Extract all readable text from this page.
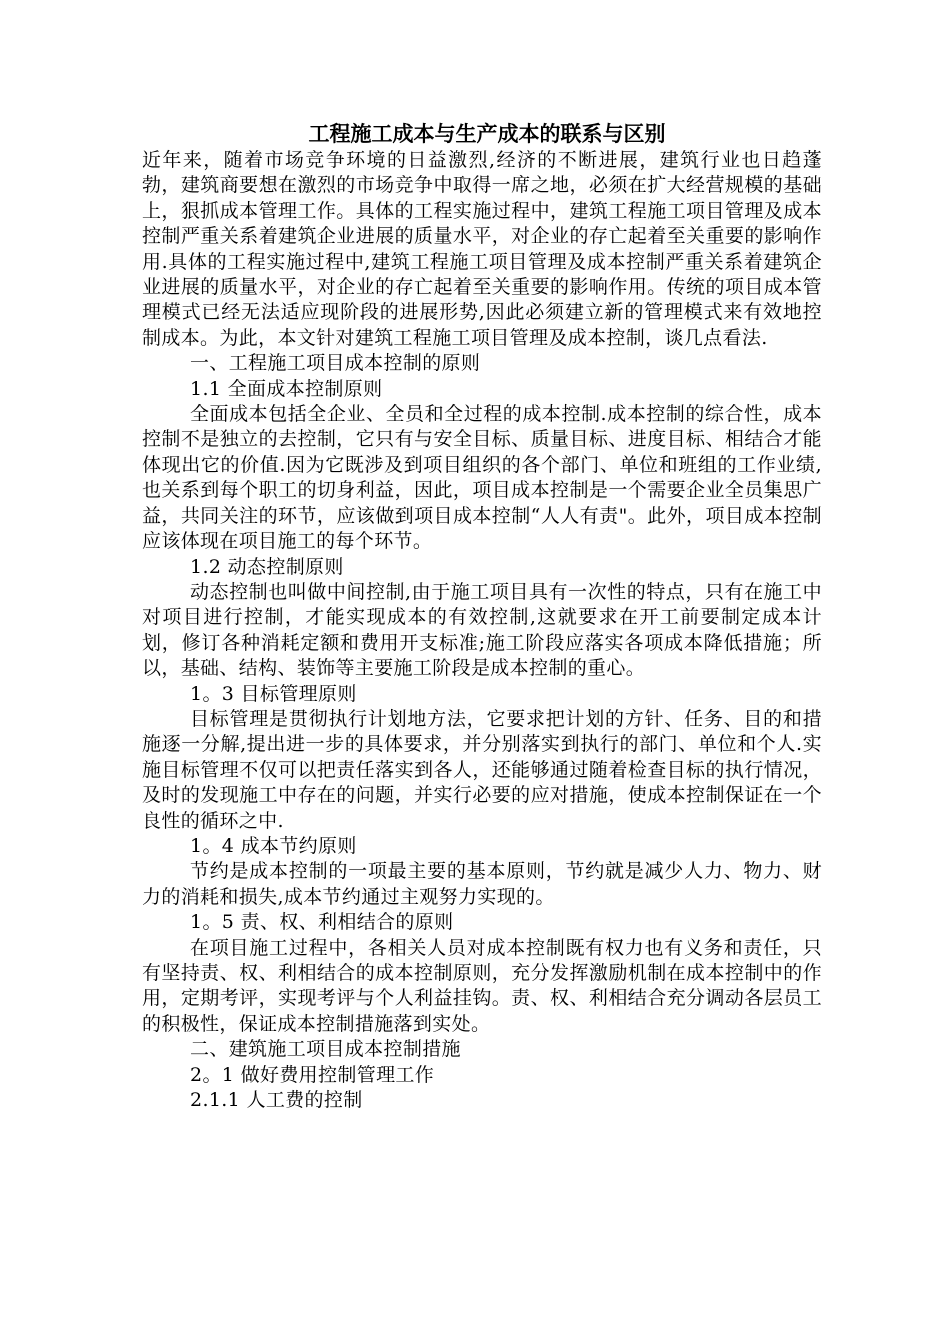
工程施工成本与生产成本的联系与区别

近年来，随着市场竞争环境的日益激烈,经济的不断进展，建筑行业也日趋蓬勃，建筑商要想在激烈的市场竞争中取得一席之地，必须在扩大经营规模的基础上，狠抓成本管理工作。具体的工程实施过程中，建筑工程施工项目管理及成本控制严重关系着建筑企业进展的质量水平，对企业的存亡起着至关重要的影响作用.具体的工程实施过程中,建筑工程施工项目管理及成本控制严重关系着建筑企业进展的质量水平，对企业的存亡起着至关重要的影响作用。传统的项目成本管理模式已经无法适应现阶段的进展形势,因此必须建立新的管理模式来有效地控制成本。为此，本文针对建筑工程施工项目管理及成本控制，谈几点看法.

一、工程施工项目成本控制的原则

1.1 全面成本控制原则

全面成本包括全企业、全员和全过程的成本控制.成本控制的综合性，成本控制不是独立的去控制，它只有与安全目标、质量目标、进度目标、相结合才能体现出它的价值.因为它既涉及到项目组织的各个部门、单位和班组的工作业绩,也关系到每个职工的切身利益，因此，项目成本控制是一个需要企业全员集思广益，共同关注的环节，应该做到项目成本控制“人人有责"。此外，项目成本控制应该体现在项目施工的每个环节。

1.2 动态控制原则

动态控制也叫做中间控制,由于施工项目具有一次性的特点，只有在施工中对项目进行控制，才能实现成本的有效控制,这就要求在开工前要制定成本计划，修订各种消耗定额和费用开支标准;施工阶段应落实各项成本降低措施；所以，基础、结构、装饰等主要施工阶段是成本控制的重心。

1。3 目标管理原则

目标管理是贯彻执行计划地方法，它要求把计划的方针、任务、目的和措施逐一分解,提出进一步的具体要求，并分别落实到执行的部门、单位和个人.实施目标管理不仅可以把责任落实到各人，还能够通过随着检查目标的执行情况，及时的发现施工中存在的问题，并实行必要的应对措施，使成本控制保证在一个良性的循环之中.

1。4 成本节约原则

节约是成本控制的一项最主要的基本原则，节约就是减少人力、物力、财力的消耗和损失,成本节约通过主观努力实现的。

1。5 责、权、利相结合的原则

在项目施工过程中，各相关人员对成本控制既有权力也有义务和责任，只有坚持责、权、利相结合的成本控制原则，充分发挥激励机制在成本控制中的作用，定期考评，实现考评与个人利益挂钩。责、权、利相结合充分调动各层员工的积极性，保证成本控制措施落到实处。

二、建筑施工项目成本控制措施

2。1 做好费用控制管理工作

2.1.1 人工费的控制
